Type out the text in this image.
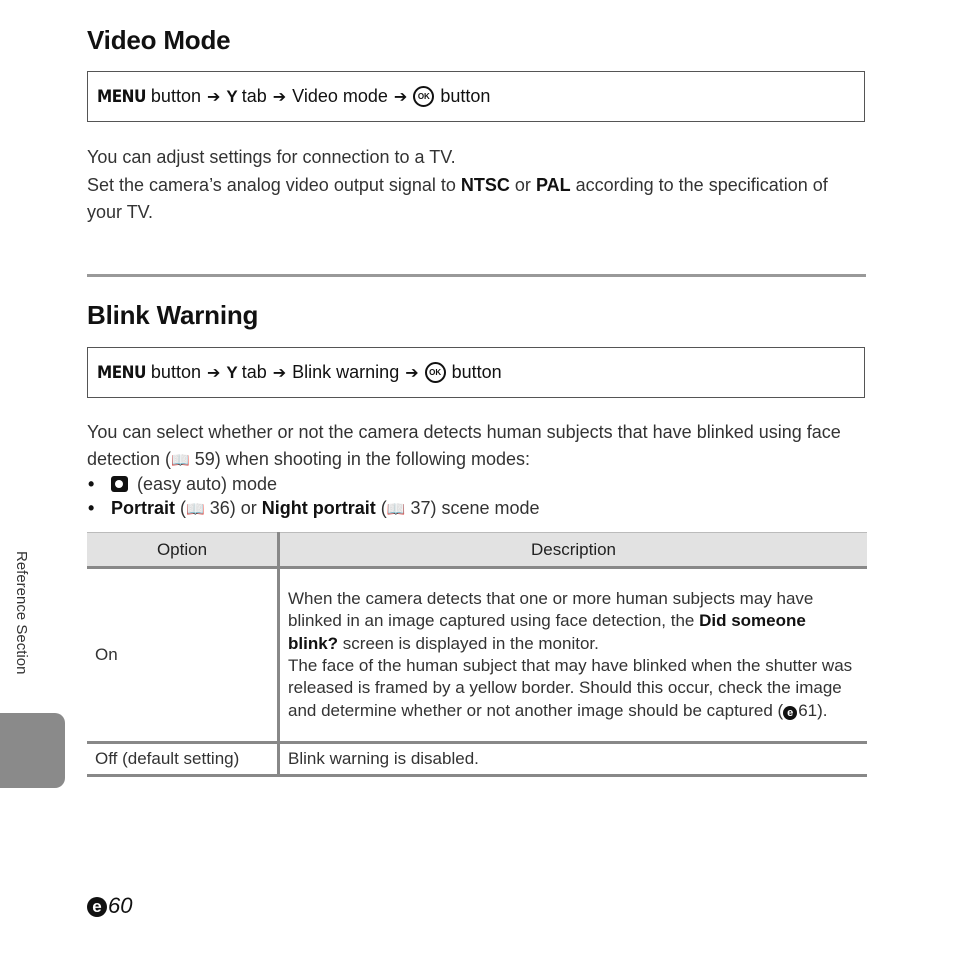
Video Mode
MENU
button ➔ Y tab ➔ Video mode ➔	OK button
You can adjust settings for connection to a TV.
Set the camera’s analog video output signal to NTSC or PAL according to the specification of your TV.
Blink Warning
MENU
button ➔ Y tab ➔ Blink warning ➔	OK button
You can select whether or not the camera detects human subjects that have blinked using face detection (📖 59) when shooting in the following modes:
• (easy auto) mode
• Portrait (📖 36) or Night portrait (📖 37) scene mode
Option	Description
On	When the camera detects that one or more human subjects may have blinked in an image captured using face detection, the Did someone blink? screen is displayed in the monitor.
The face of the human subject that may have blinked when the shutter was released is framed by a yellow border. Should this occur, check the image and determine whether or not another image should be captured ( e 61).
Off (default setting)	Blink warning is disabled.
Reference Section
e 60
